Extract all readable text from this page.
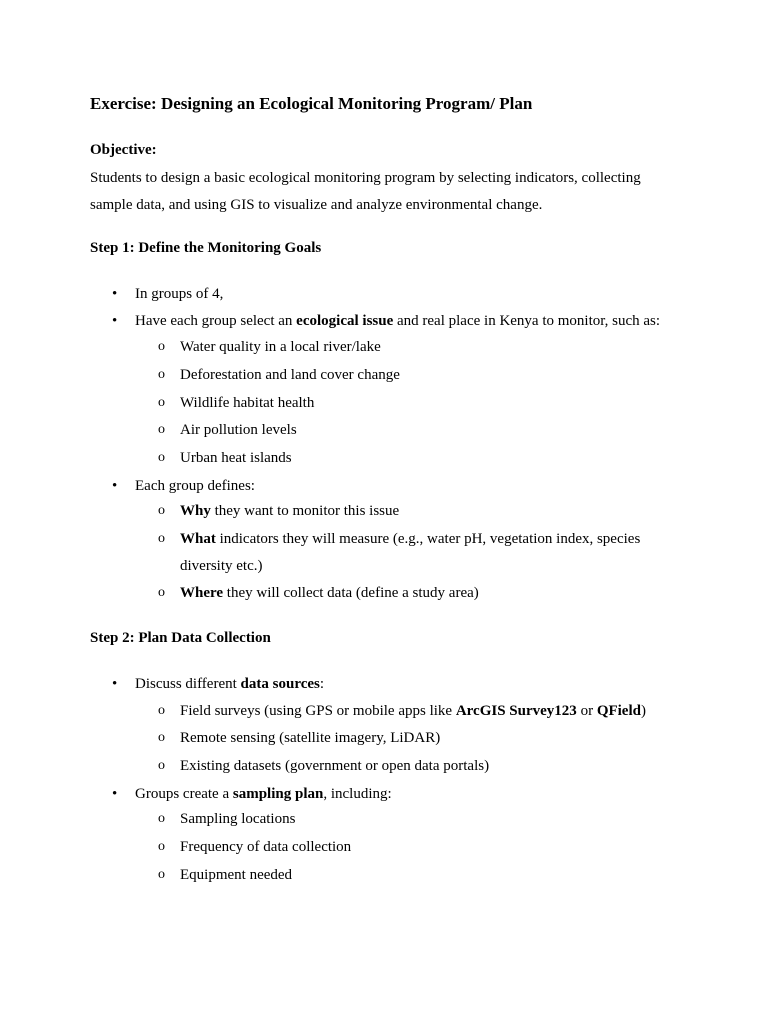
Exercise: Designing an Ecological Monitoring Program/ Plan
Objective:
Students to design a basic ecological monitoring program by selecting indicators, collecting
sample data, and using GIS to visualize and analyze environmental change.
Step 1: Define the Monitoring Goals
• In groups of 4,
• Have each group select an ecological issue and real place in Kenya to monitor, such as:
o Water quality in a local river/lake
o Deforestation and land cover change
o Wildlife habitat health
o Air pollution levels
o Urban heat islands
• Each group defines:
o Why they want to monitor this issue
o What indicators they will measure (e.g., water pH, vegetation index, species
diversity etc.)
o Where they will collect data (define a study area)
Step 2: Plan Data Collection
• Discuss different data sources:
o Field surveys (using GPS or mobile apps like ArcGIS Survey123 or QField)
o Remote sensing (satellite imagery, LiDAR)
o Existing datasets (government or open data portals)
• Groups create a sampling plan, including:
o Sampling locations
o Frequency of data collection
o Equipment needed
